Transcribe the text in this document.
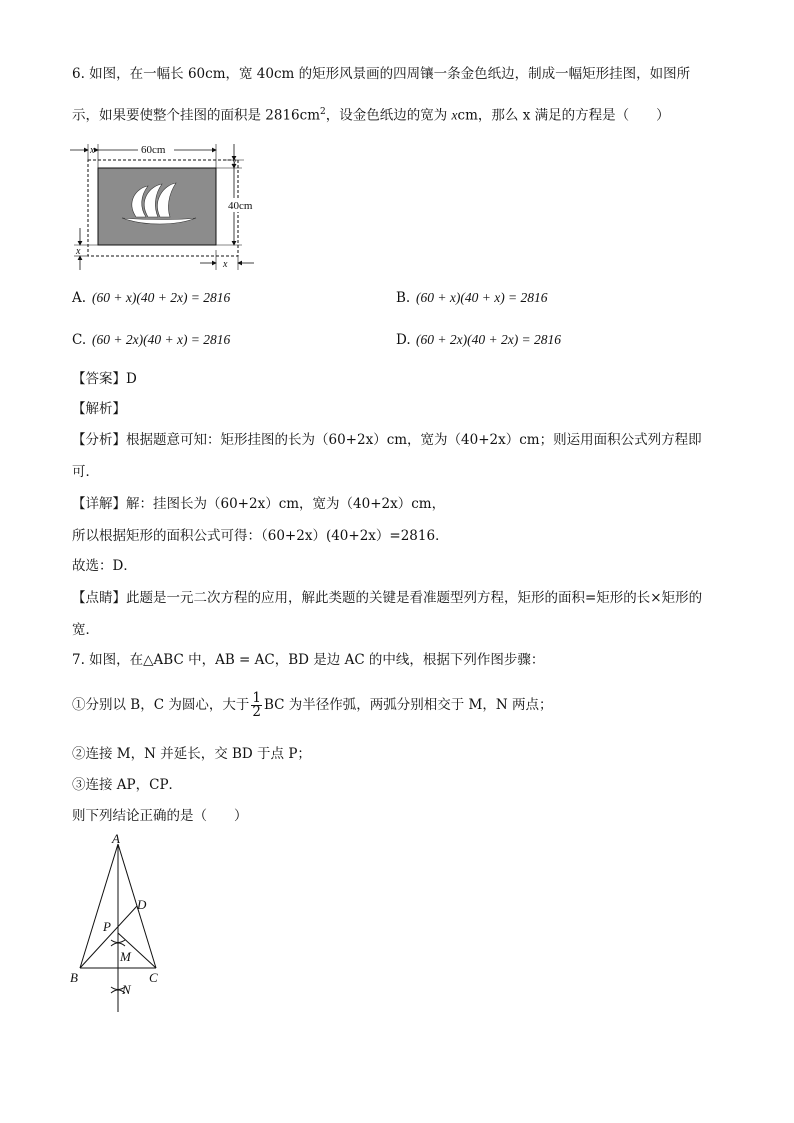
6. 如图，在一幅长 60cm，宽 40cm 的矩形风景画的四周镶一条金色纸边，制成一幅矩形挂图，如图所
示，如果要使整个挂图的面积是 $2816cm^2$，设金色纸边的宽为 xcm，那么 x 满足的方程是（　　）
60cm
x
x
40cm
x
x
A. (60 + x)(40 + 2x) = 2816	B. (60 + x)(40 + x) = 2816
C. (60 + 2x)(40 + x) = 2816	D. (60 + 2x)(40 + 2x) = 2816
【答案】D
【解析】
【分析】根据题意可知：矩形挂图的长为（60+2x）cm，宽为（40+2x）cm；则运用面积公式列方程即
可．
【详解】解：挂图长为（60+2x）cm，宽为（40+2x）cm，
所以根据矩形的面积公式可得：（60+2x）(40+2x）=2816．
故选：D．
【点睛】此题是一元二次方程的应用，解此类题的关键是看准题型列方程，矩形的面积=矩形的长×矩形的
宽．
7. 如图，在△ABC 中，AB = AC，BD 是边 AC 的中线，根据下列作图步骤：
①分别以 B，C 为圆心，大于 $\frac{1}{2}$ BC 为半径作弧，两弧分别相交于 M，N 两点；
②连接 M，N 并延长，交 BD 于点 P；
③连接 AP，CP．
则下列结论正确的是（　　）
A
B	C
D
P
M
N
